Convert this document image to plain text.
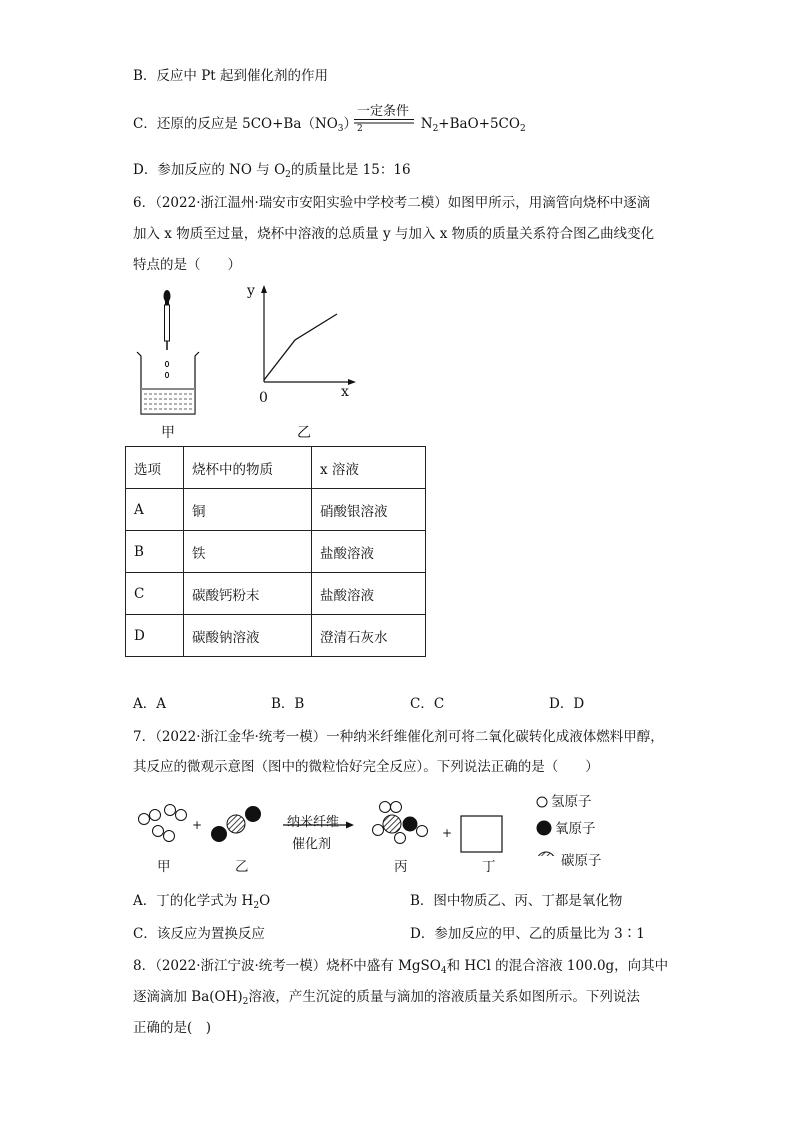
B．反应中 Pt 起到催化剂的作用
C．还原的反应是 $5CO+Ba(NO_3)_2$	$N_2+BaO+5CO_2$
一定条件
D．参加反应的 NO 与 $O_2$的质量比是 15：16
6．（2022·浙江温州·瑞安市安阳实验中学校考二模）如图甲所示，用滴管向烧杯中逐滴
加入 x 物质至过量，烧杯中溶液的总质量 y 与加入 x 物质的质量关系符合图乙曲线变化
特点的是（　　）
甲
y
x
0
乙
选项	烧杯中的物质	x 溶液
A	铜	硝酸银溶液
B	铁	盐酸溶液
C	碳酸钙粉末	盐酸溶液
D	碳酸钠溶液	澄清石灰水
A．A	B．B	C．C	D．D
7．（2022·浙江金华·统考一模）一种纳米纤维催化剂可将二氧化碳转化成液体燃料甲醇，
其反应的微观示意图（图中的微粒恰好完全反应）。下列说法正确的是（　　）
+
+
纳米纤维
催化剂
甲	乙	丙	丁
氢原子
氧原子
碳原子
A．丁的化学式为 $H_2O$	B．图中物质乙、丙、丁都是氧化物
C．该反应为置换反应	D．参加反应的甲、乙的质量比为 3∶1
8．（2022·浙江宁波·统考一模）烧杯中盛有 MgSO$_4$和 HCl 的混合溶液 100.0g，向其中
逐滴滴加 $Ba(OH)_2$溶液，产生沉淀的质量与滴加的溶液质量关系如图所示。下列说法
正确的是(　)
